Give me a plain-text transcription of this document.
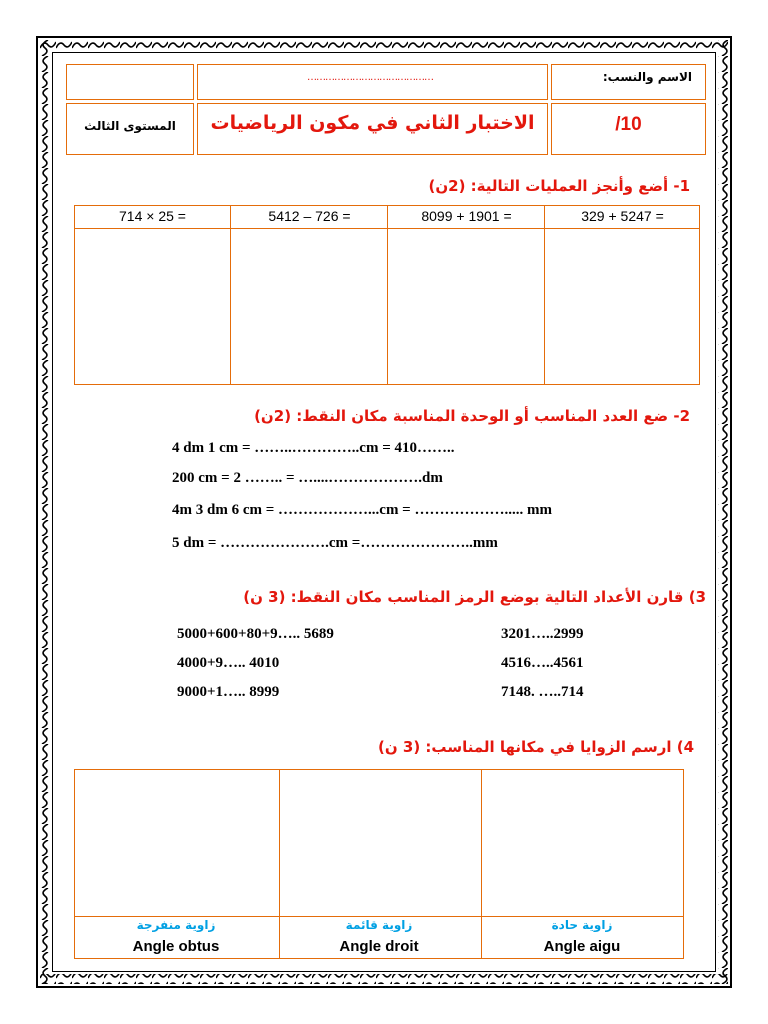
الاسم والنسب:
……………………………………
المستوى الثالث	الاختبار الثاني في مكون الرياضيات	/10
1- أضع وأنجز العمليات التالية: (2ن)
329 + 5247 =
8099 + 1901 =
5412 – 726 =
714 × 25 =
2- ضع العدد المناسب أو الوحدة المناسبة مكان النقط: (2ن)
4 dm 1 cm = ……..…………..cm = 410……..
200 cm = 2 …….. = …....……………….dm
4m 3 dm 6 cm = ………………...cm = ………………..... mm
5 dm = ………………….cm =…………………..mm
3) قارن الأعداد التالية بوضع الرمز المناسب مكان النقط: (3 ن)
5000+600+80+9….. 5689
4000+9….. 4010
9000+1….. 8999
3201…..2999
4516…..4561
7148. …..714
4) ارسم الزوايا في مكانها المناسب: (3 ن)
زاوية حادة
Angle aigu
زاوية قائمة
Angle droit
زاوية منفرجة
Angle obtus
